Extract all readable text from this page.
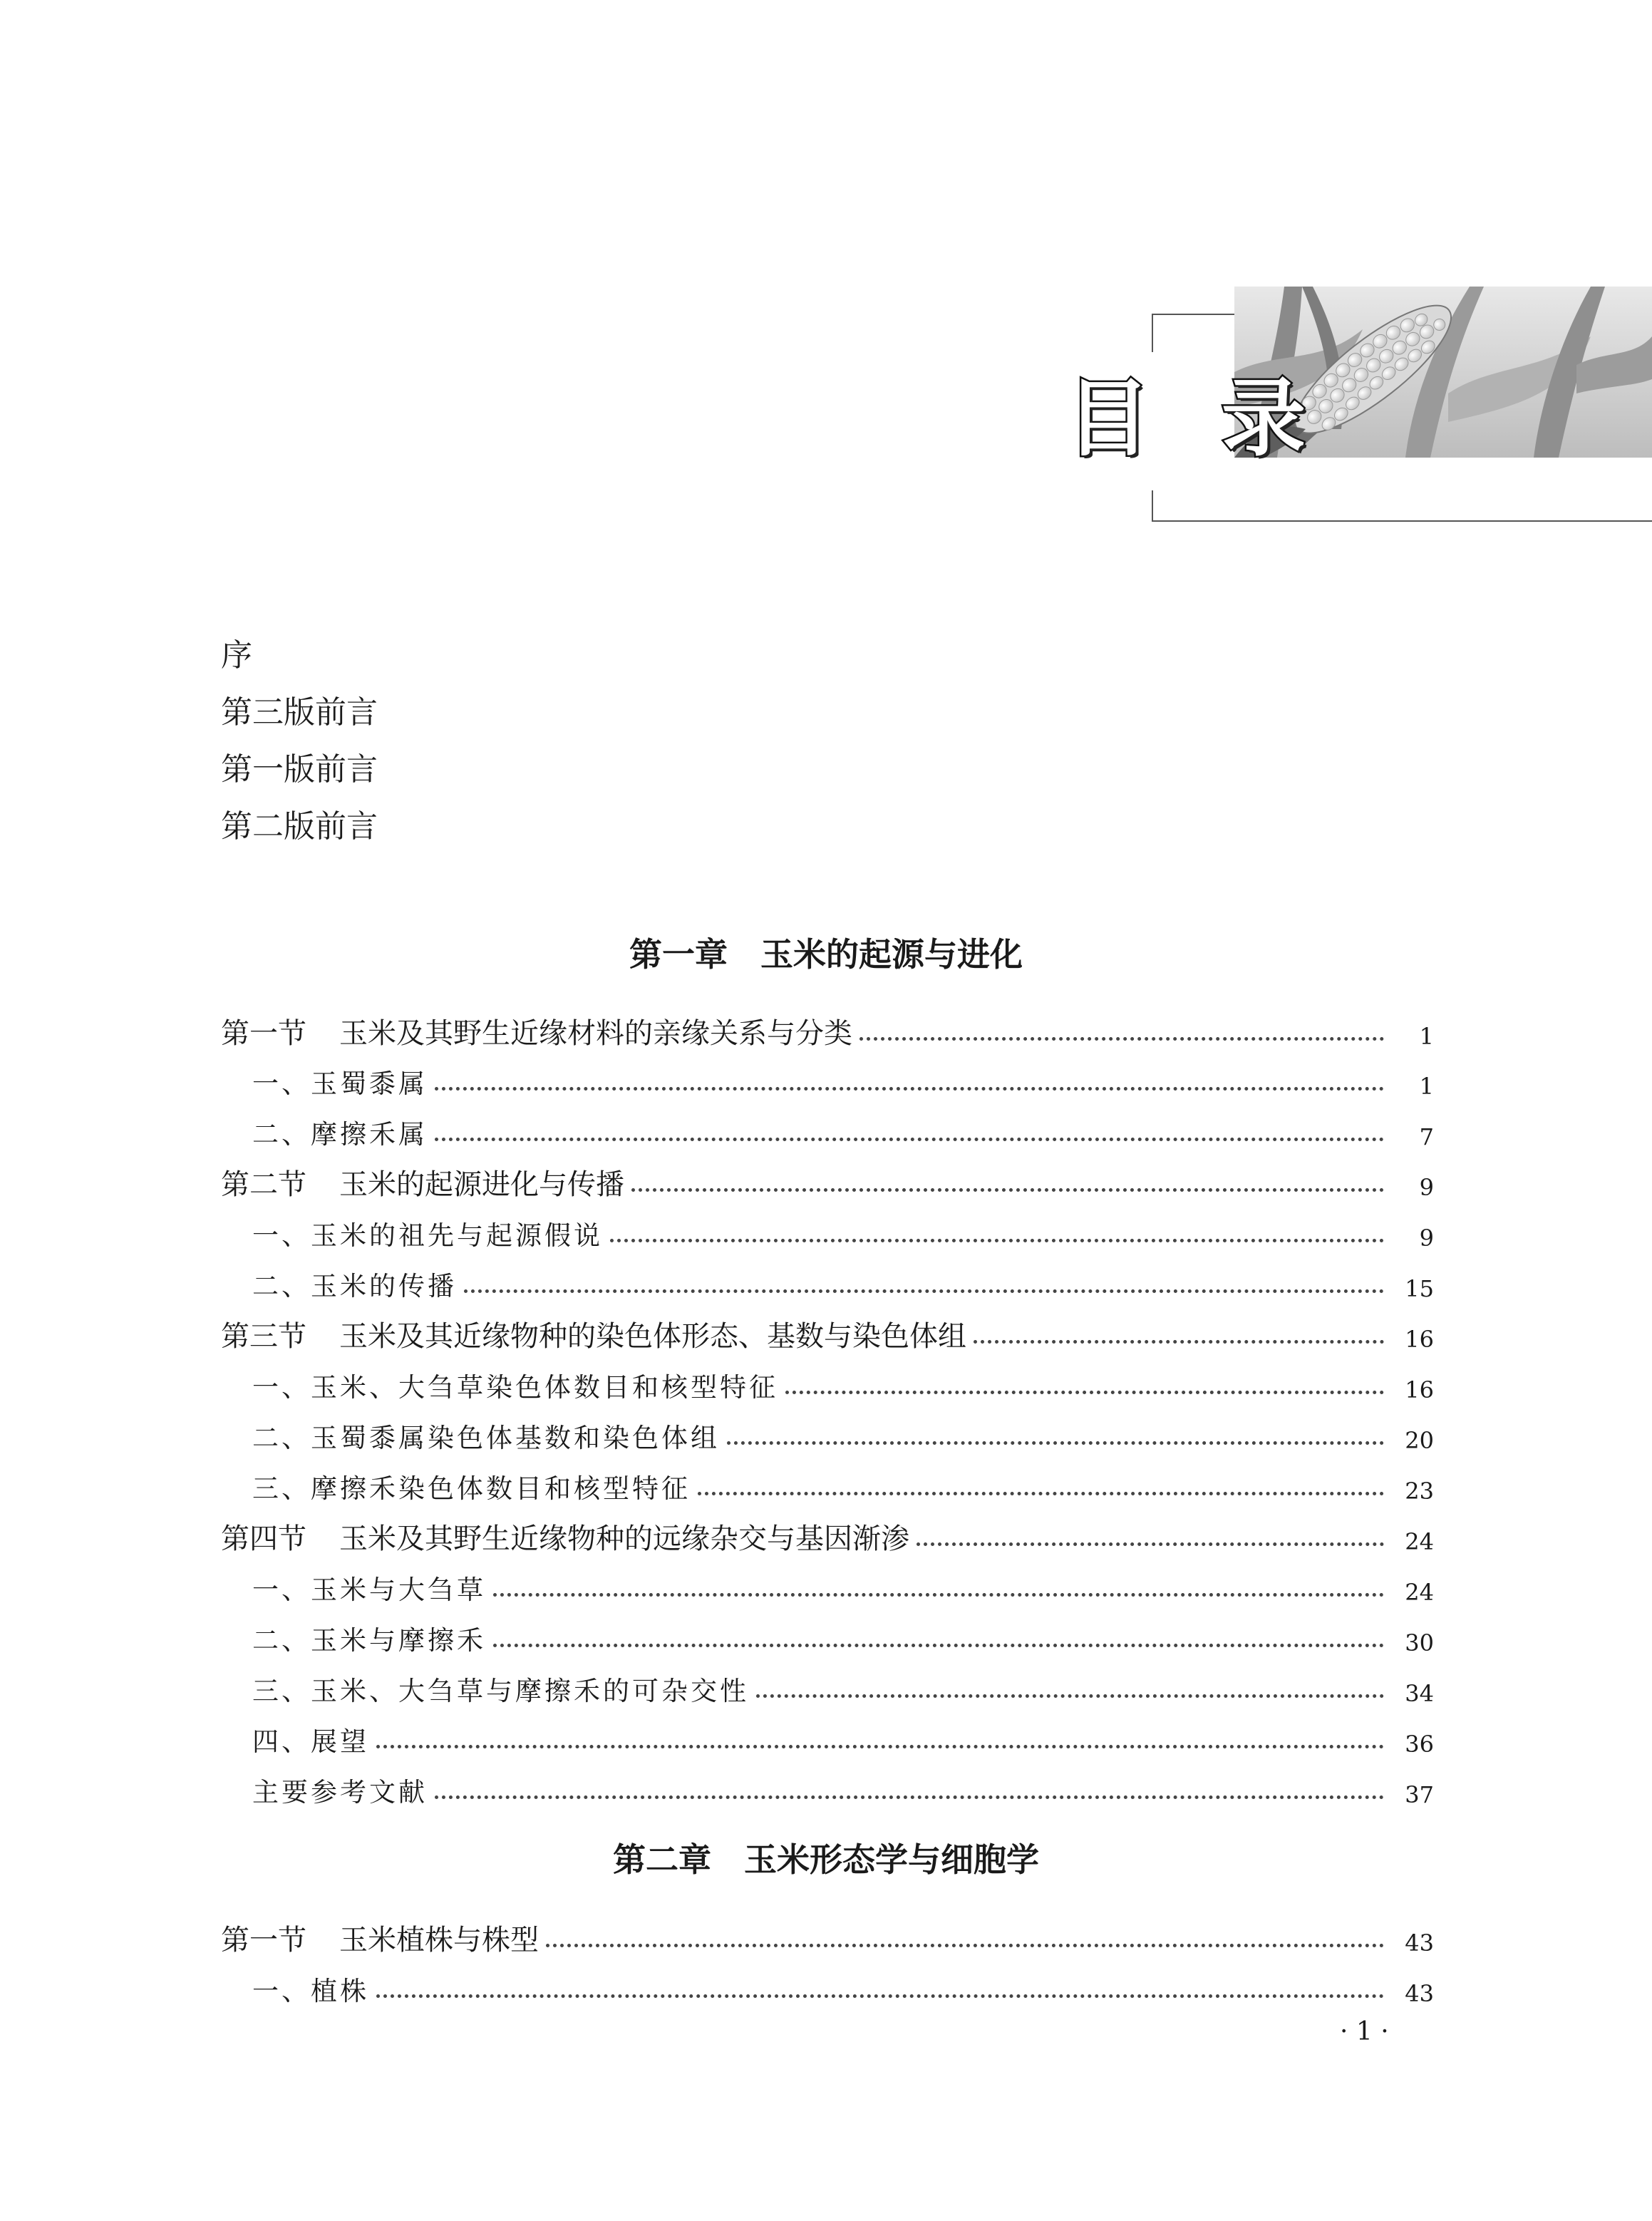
目 录
序
第三版前言
第一版前言
第二版前言
第一章 玉米的起源与进化
第一节 玉米及其野生近缘材料的亲缘关系与分类	1
一、玉蜀黍属	1
二、摩擦禾属	7
第二节 玉米的起源进化与传播	9
一、玉米的祖先与起源假说	9
二、玉米的传播	15
第三节 玉米及其近缘物种的染色体形态、基数与染色体组	16
一、玉米、大刍草染色体数目和核型特征	16
二、玉蜀黍属染色体基数和染色体组	20
三、摩擦禾染色体数目和核型特征	23
第四节 玉米及其野生近缘物种的远缘杂交与基因渐渗	24
一、玉米与大刍草	24
二、玉米与摩擦禾	30
三、玉米、大刍草与摩擦禾的可杂交性	34
四、展望	36
主要参考文献	37
第二章 玉米形态学与细胞学
第一节 玉米植株与株型	43
一、植株	43
· 1 ·
